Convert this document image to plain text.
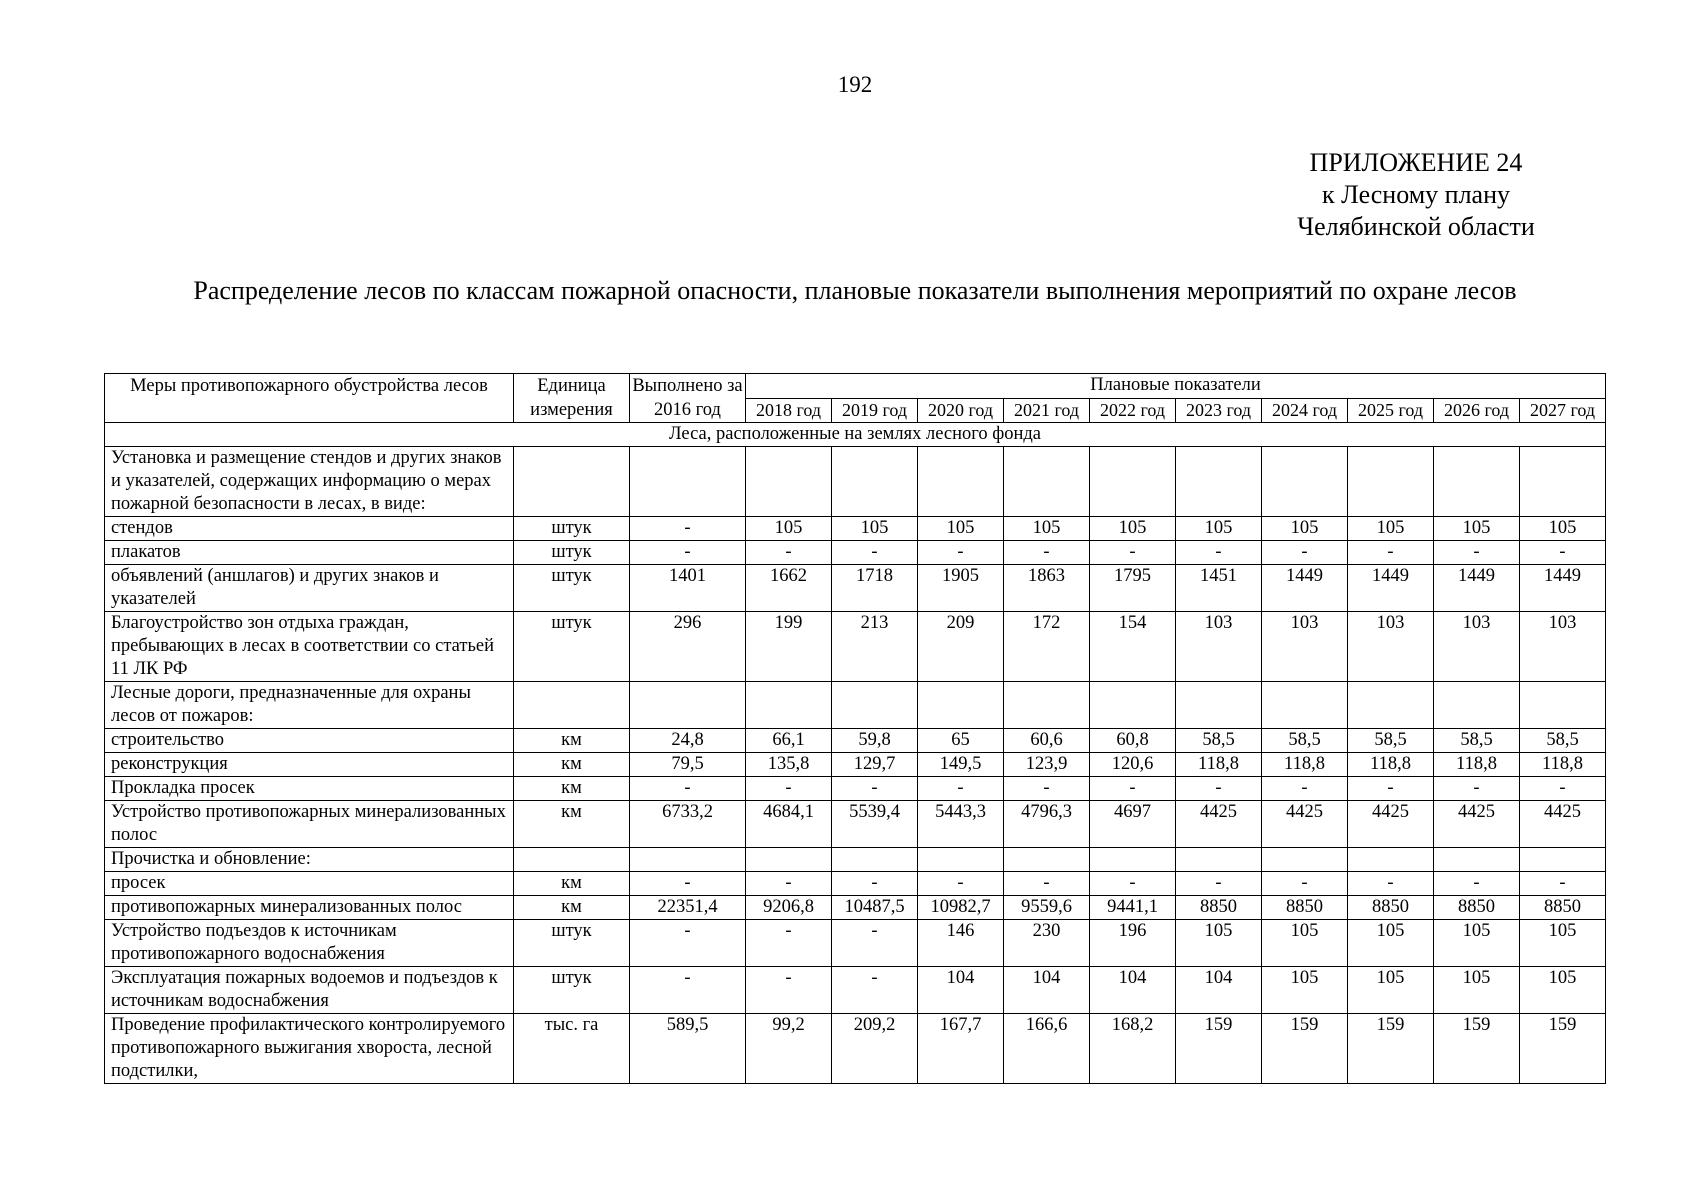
192
ПРИЛОЖЕНИЕ 24
к Лесному плану
Челябинской области
Распределение лесов по классам пожарной опасности, плановые показатели выполнения мероприятий по охране лесов
Меры противопожарного обустройства лесов	Единица измерения	Выполнено за 2016 год	Плановые показатели									
			2018 год	2019 год	2020 год	2021 год	2022 год	2023 год	2024 год	2025 год	2026 год	2027 год
Леса, расположенные на землях лесного фонда												
Установка и размещение стендов и других знаков и указателей, содержащих информацию о мерах пожарной безопасности в лесах, в виде:												
стендов	штук	-	105	105	105	105	105	105	105	105	105	105
плакатов	штук	-	-	-	-	-	-	-	-	-	-	-
объявлений (аншлагов) и других знаков и указателей	штук	1401	1662	1718	1905	1863	1795	1451	1449	1449	1449	1449
Благоустройство зон отдыха граждан, пребывающих в лесах в соответствии со статьей 11 ЛК РФ	штук	296	199	213	209	172	154	103	103	103	103	103
Лесные дороги, предназначенные для охраны лесов от пожаров:												
строительство	км	24,8	66,1	59,8	65	60,6	60,8	58,5	58,5	58,5	58,5	58,5
реконструкция	км	79,5	135,8	129,7	149,5	123,9	120,6	118,8	118,8	118,8	118,8	118,8
Прокладка просек	км	-	-	-	-	-	-	-	-	-	-	-
Устройство противопожарных минерализованных полос	км	6733,2	4684,1	5539,4	5443,3	4796,3	4697	4425	4425	4425	4425	4425
Прочистка и обновление:												
просек	км	-	-	-	-	-	-	-	-	-	-	-
противопожарных минерализованных полос	км	22351,4	9206,8	10487,5	10982,7	9559,6	9441,1	8850	8850	8850	8850	8850
Устройство подъездов к источникам противопожарного водоснабжения	штук	-	-	-	146	230	196	105	105	105	105	105
Эксплуатация пожарных водоемов и подъездов к источникам водоснабжения	штук	-	-	-	104	104	104	104	105	105	105	105
Проведение профилактического контролируемого противопожарного выжигания хвороста, лесной подстилки,	тыс. га	589,5	99,2	209,2	167,7	166,6	168,2	159	159	159	159	159
